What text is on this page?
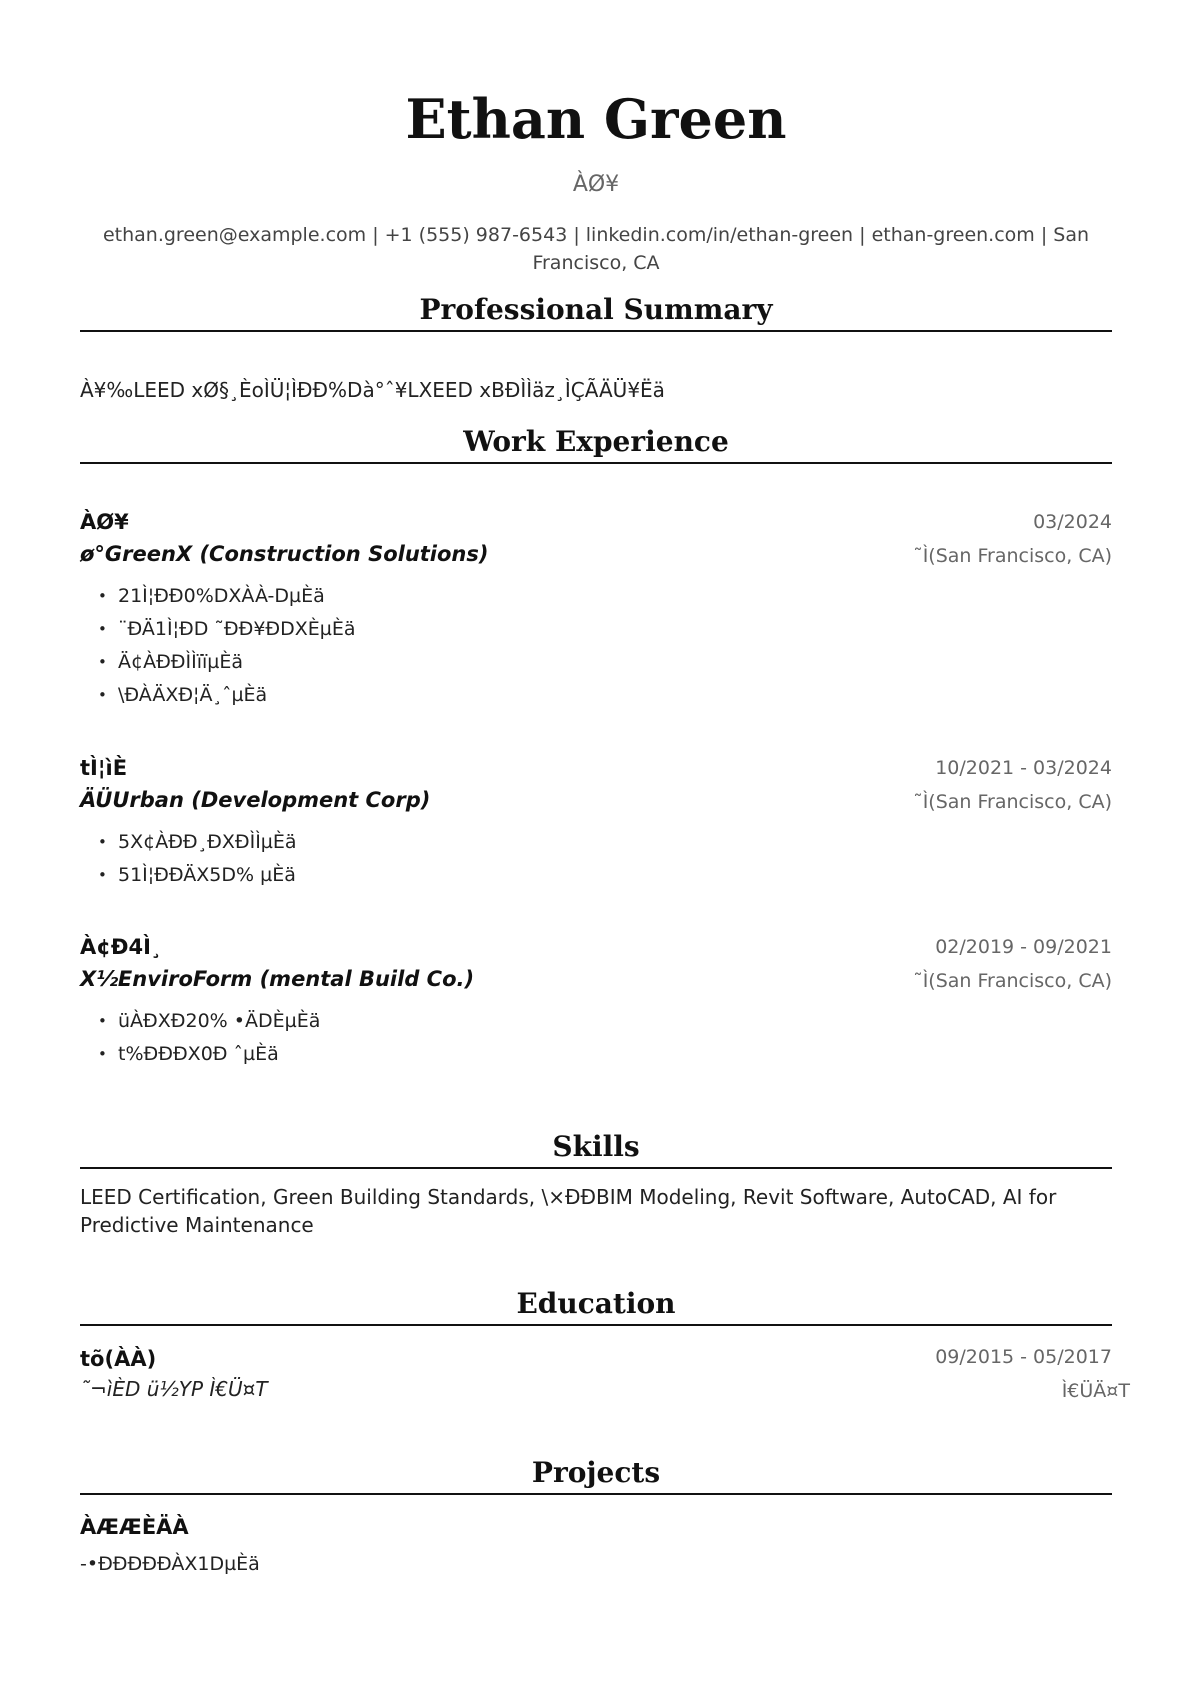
Ethan Green
ÀØ¥
ethan.green@example.com | +1 (555) 987-6543 | linkedin.com/in/ethan-green | ethan-green.com | San Francisco, CA
Professional Summary
À¥‰LEED xØ§¸ÈoÌÜ¦ÌÐÐ%Dà°ˆ¥LXEED xBÐÌÌäz¸ÌÇÃÄÜ¥Ëä
Work Experience
ÀØ¥	03/2024
ø°GreenX (Construction Solutions)	˜Ì(San Francisco, CA)
• 21Ì¦ÐÐ0%DXÀÀ-DµÈä
• ¨ÐÄ1Ì¦ÐD ˜ÐÐ¥ÐDXÈµÈä
• Ä¢ÀÐÐÌÌïïµÈä
• \ÐÀÄXÐ¦Ä¸ˆµÈä
tÌ¦ìÈ	10/2021 - 03/2024
ÄÜUrban (Development Corp)	˜Ì(San Francisco, CA)
• 5X¢ÀÐÐ¸ÐXÐÌÌµÈä
• 51Ì¦ÐÐÄX5D% µÈä
À¢Ð4Ì¸	02/2019 - 09/2021
X½EnviroForm (mental Build Co.)	˜Ì(San Francisco, CA)
• üÀÐXÐ20% •ÄDÈµÈä
• t%ÐÐÐX0Ð ˆµÈä
Skills
LEED Certification, Green Building Standards, \×ÐÐBIM Modeling, Revit Software, AutoCAD, AI for Predictive Maintenance
Education
tõ(ÀÀ)	09/2015 - 05/2017
˜¬ìÈD ü½YP Ì€Ü¤T	Ì€ÜÄ¤T
Projects
ÀÆÆÈÄÀ
-•ÐÐÐÐÐÀX1DµÈä
